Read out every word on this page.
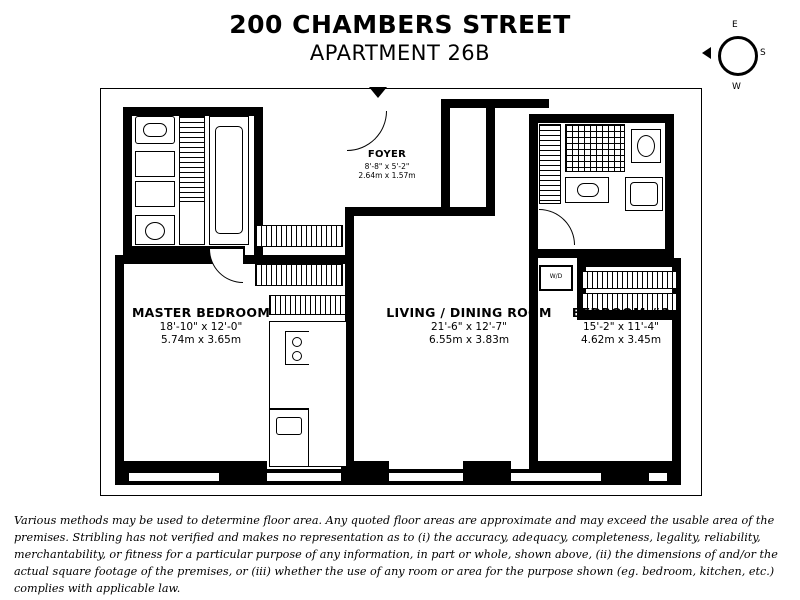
200 CHAMBERS STREET
APARTMENT 26B
E
S
W
FOYER
8'-8" x 5'-2"
2.64m x 1.57m
W/D
MASTER BEDROOM
18'-10" x 12'-0"
5.74m x 3.65m
LIVING / DINING ROOM
21'-6" x 12'-7"
6.55m x 3.83m
BEDROOM #2
15'-2" x 11'-4"
4.62m x 3.45m
Various methods may be used to determine floor area. Any quoted floor areas are approximate and may exceed the usable area of the premises. Stribling has not verified and makes no representation as to (i) the accuracy, adequacy, completeness, legality, reliability, merchantability, or fitness for a particular purpose of any information, in part or whole, shown above, (ii) the dimensions of and/or the actual square footage of the premises, or (iii) whether the use of any room or area for the purpose shown (eg. bedroom, kitchen, etc.) complies with applicable law.
